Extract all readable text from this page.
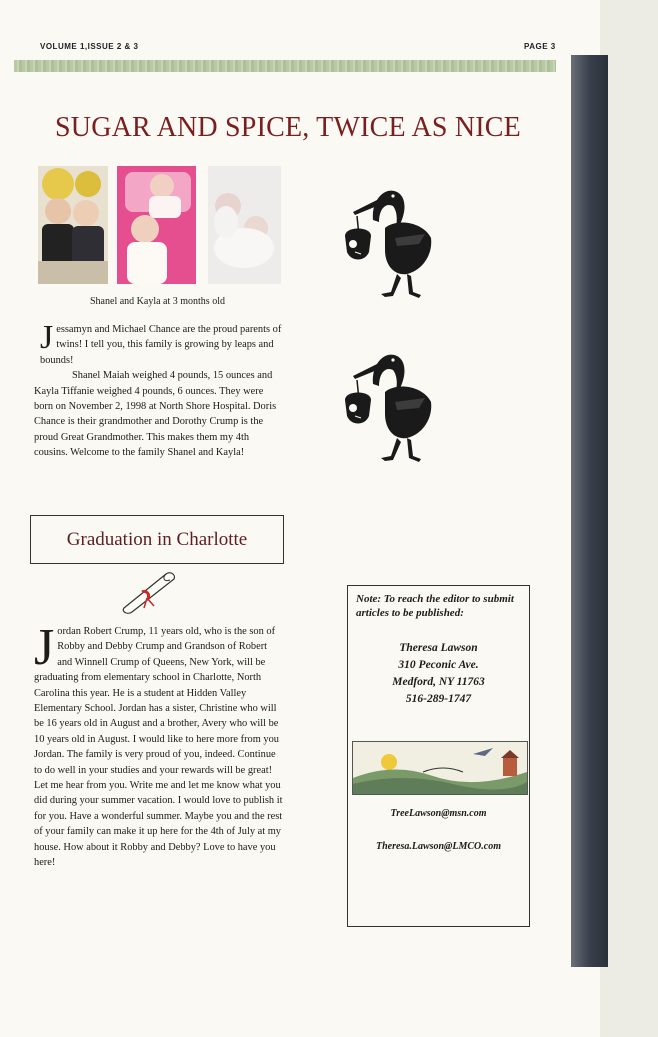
VOLUME 1,ISSUE 2 & 3	PAGE 3
SUGAR AND SPICE, TWICE AS NICE
Shanel and Kayla at 3 months old

J essamyn and Michael Chance are the proud parents of twins! I tell you, this family is growing by leaps and bounds!

Shanel Maiah weighed 4 pounds, 15 ounces and Kayla Tiffanie weighed 4 pounds, 6 ounces. They were born on November 2, 1998 at North Shore Hospital. Doris Chance is their grandmother and Dorothy Crump is the proud Great Grandmother. This makes them my 4th cousins. Welcome to the family Shanel and Kayla!

Graduation in Charlotte
J ordan Robert Crump, 11 years old, who is the son of Robby and Debby Crump and Grandson of Robert and Winnell Crump of Queens, New York, will be graduating from elementary school in Charlotte, North Carolina this year. He is a student at Hidden Valley Elementary School. Jordan has a sister, Christine who will be 16 years old in August and a brother, Avery who will be 10 years old in August. I would like to here more from you Jordan. The family is very proud of you, indeed. Continue to do well in your studies and your rewards will be great! Let me hear from you. Write me and let me know what you did during your summer vacation. I would love to publish it for you. Have a wonderful summer. Maybe you and the rest of your family can make it up here for the 4th of July at my house. How about it Robby and Debby? Love to have you here!

Note: To reach the editor to submit articles to be published:

Theresa Lawson

310 Peconic Ave.

Medford, NY 11763

516-289-1747

TreeLawson@msn.com

Theresa.Lawson@LMCO.com
